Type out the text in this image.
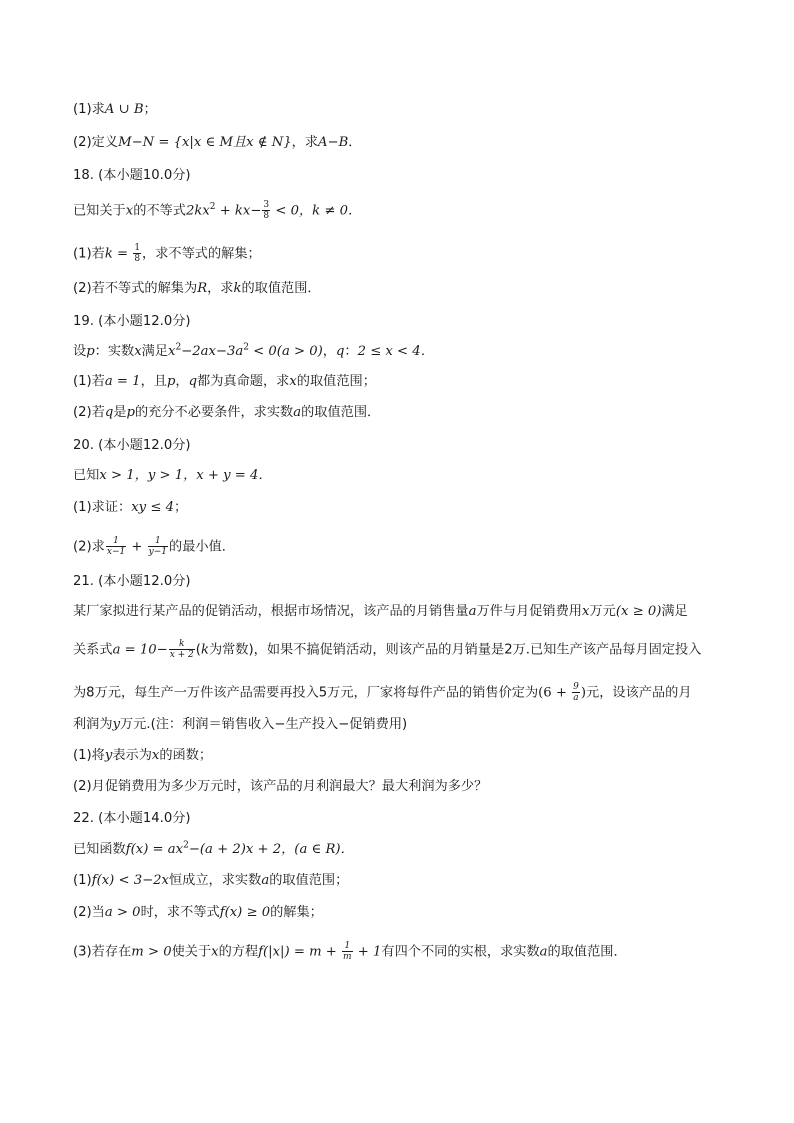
(1)求A ∪ B；
(2)定义M−N = {x|x ∈ M且x ∉ N}，求A−B．
18. (本小题10.0分)
已知关于x的不等式$2kx^2 + kx- \frac{3}{8} < 0$，k ≠ 0．
(1)若$k = \frac{1}{8}$ ，求不等式的解集；
(2)若不等式的解集为R，求k的取值范围．
19. (本小题12.0分)
设p：实数x满足$x^2-2ax-3a^2 < 0(a > 0)$，q：2 ≤ x < 4．
(1)若a = 1，且p，q都为真命题，求x的取值范围；
(2)若q是p的充分不必要条件，求实数a的取值范围．
20. (本小题12.0分)
已知x > 1，y > 1，x + y = 4．
(1)求证：xy ≤ 4；
(2)求 $\frac{1}{x-1} + \frac{1}{y-1}$ 的最小值．
21. (本小题12.0分)
某厂家拟进行某产品的促销活动，根据市场情况，该产品的月销售量a万件与月促销费用x万元(x ≥ 0)满足
关系式$a = 10- \frac{k}{x + 2} (k$为常数)，如果不搞促销活动，则该产品的月销量是2万.已知生产该产品每月固定投入
为8万元，每生产一万件该产品需要再投入5万元，厂家将每件产品的销售价定为($6 + \frac{9}{a}$ )元，设该产品的月
利润为y万元.(注：利润＝销售收入−生产投入−促销费用)
(1)将y表示为x的函数；
(2)月促销费用为多少万元时，该产品的月利润最大？最大利润为多少？
22. (本小题14.0分)
已知函数$f(x) = ax^2-(a + 2)x + 2$，(a ∈ R)．
(1)f(x) < 3−2x恒成立，求实数a的取值范围；
(2)当a > 0时，求不等式f(x) ≥ 0的解集；
(3)若存在m > 0使关于x的方程$f(|x|) = m + \frac{1}{m} + 1$有四个不同的实根，求实数a的取值范围．
